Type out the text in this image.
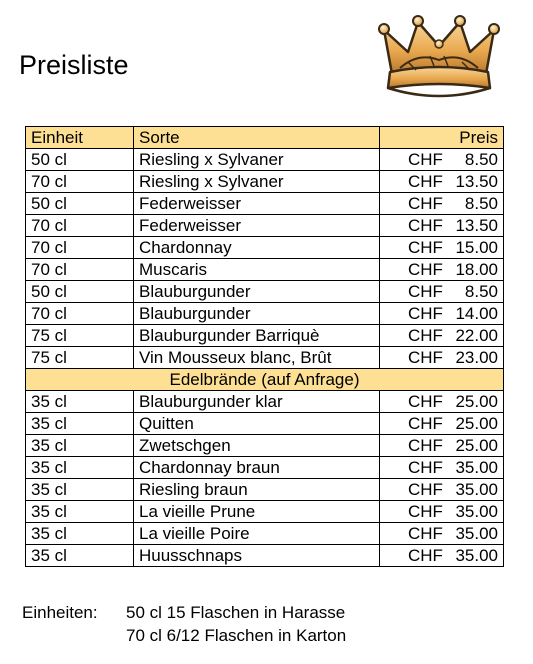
Preisliste
Einheit	Sorte	Preis
50 cl	Riesling x Sylvaner	CHF 8.50
70 cl	Riesling x Sylvaner	CHF 13.50
50 cl	Federweisser	CHF 8.50
70 cl	Federweisser	CHF 13.50
70 cl	Chardonnay	CHF 15.00
70 cl	Muscaris	CHF 18.00
50 cl	Blauburgunder	CHF 8.50
70 cl	Blauburgunder	CHF 14.00
75 cl	Blauburgunder Barriquè	CHF 22.00
75 cl	Vin Mousseux blanc, Brût	CHF 23.00
Edelbrände (auf Anfrage)		
35 cl	Blauburgunder klar	CHF 25.00
35 cl	Quitten	CHF 25.00
35 cl	Zwetschgen	CHF 25.00
35 cl	Chardonnay braun	CHF 35.00
35 cl	Riesling braun	CHF 35.00
35 cl	La vieille Prune	CHF 35.00
35 cl	La vieille Poire	CHF 35.00
35 cl	Huusschnaps	CHF 35.00
Einheiten: 50 cl 15 Flaschen in Harasse
70 cl 6/12 Flaschen in Karton
